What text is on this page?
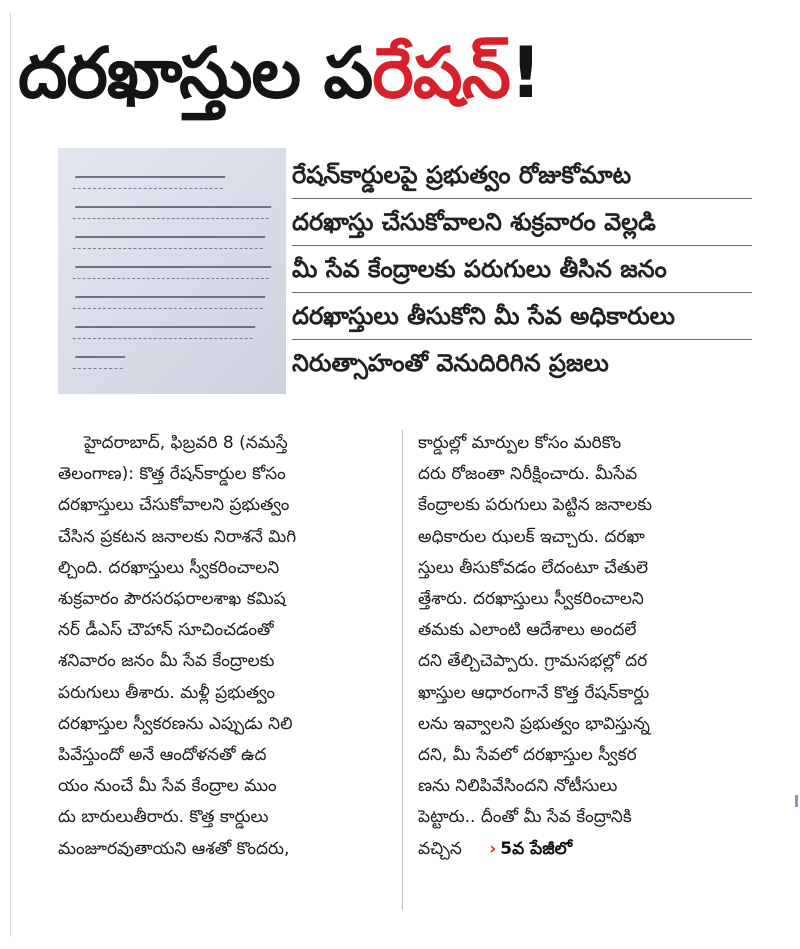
దరఖాస్తుల పరేషన్!
రేషన్‌కార్డులపై ప్రభుత్వం రోజుకోమాట
దరఖాస్తు చేసుకోవాలని శుక్రవారం వెల్లడి
మీ సేవ కేంద్రాలకు పరుగులు తీసిన జనం
దరఖాస్తులు తీసుకోని మీ సేవ అధికారులు
నిరుత్సాహంతో వెనుదిరిగిన ప్రజలు

హైదరాబాద్, ఫిబ్రవరి 8 (నమస్తే

తెలంగాణ): కొత్త రేషన్‌కార్డుల కోసం

దరఖాస్తులు చేసుకోవాలని ప్రభుత్వం

చేసిన ప్రకటన జనాలకు నిరాశనే మిగి

ల్చింది. దరఖాస్తులు స్వీకరించాలని

శుక్రవారం పౌరసరఫరాలశాఖ కమిష

నర్ డీఎస్ చౌహాన్ సూచించడంతో

శనివారం జనం మీ సేవ కేంద్రాలకు

పరుగులు తీశారు. మళ్లీ ప్రభుత్వం

దరఖాస్తుల స్వీకరణను ఎప్పుడు నిలి

పివేస్తుందో అనే ఆందోళనతో ఉద

యం నుంచే మీ సేవ కేంద్రాల ముం

దు బారులుతీరారు. కొత్త కార్డులు

మంజూరవుతాయని ఆశతో కొందరు,

కార్డుల్లో మార్పుల కోసం మరికొం

దరు రోజంతా నిరీక్షించారు. మీసేవ

కేంద్రాలకు పరుగులు పెట్టిన జనాలకు

అధికారుల ఝలక్ ఇచ్చారు. దరఖా

స్తులు తీసుకోవడం లేదంటూ చేతులె

త్తేశారు. దరఖాస్తులు స్వీకరించాలని

తమకు ఎలాంటి ఆదేశాలు అందలే

దని తేల్చిచెప్పారు. గ్రామసభల్లో దర

ఖాస్తుల ఆధారంగానే కొత్త రేషన్‌కార్డు

లను ఇవ్వాలని ప్రభుత్వం భావిస్తున్న

దని, మీ సేవలో దరఖాస్తుల స్వీకర

ణను నిలిపివేసిందని నోటీసులు

పెట్టారు.. దీంతో మీ సేవ కేంద్రానికి

వచ్చిన › 5వ పేజీలో
